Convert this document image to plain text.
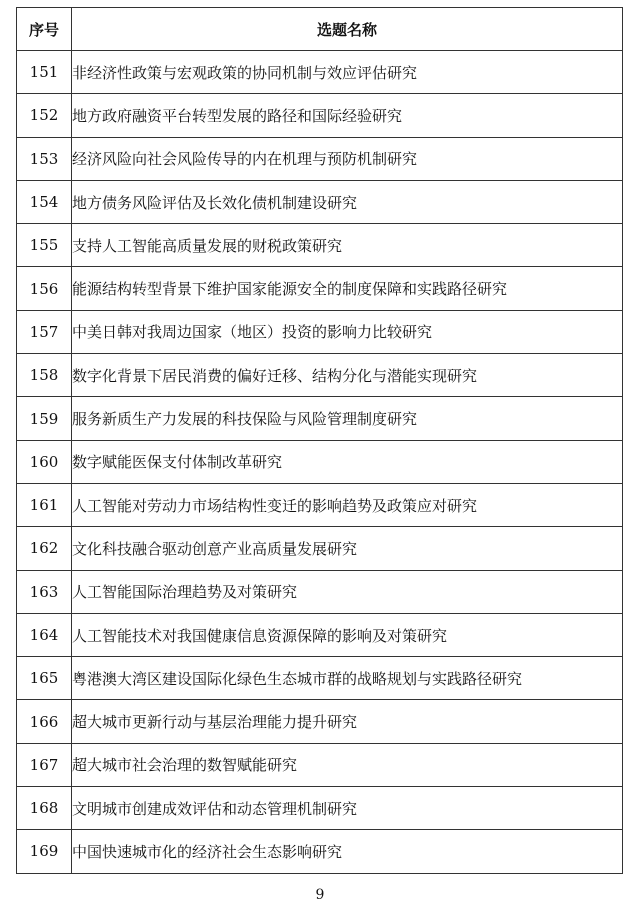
序号	选题名称
151	非经济性政策与宏观政策的协同机制与效应评估研究
152	地方政府融资平台转型发展的路径和国际经验研究
153	经济风险向社会风险传导的内在机理与预防机制研究
154	地方债务风险评估及长效化债机制建设研究
155	支持人工智能高质量发展的财税政策研究
156	能源结构转型背景下维护国家能源安全的制度保障和实践路径研究
157	中美日韩对我周边国家（地区）投资的影响力比较研究
158	数字化背景下居民消费的偏好迁移、结构分化与潜能实现研究
159	服务新质生产力发展的科技保险与风险管理制度研究
160	数字赋能医保支付体制改革研究
161	人工智能对劳动力市场结构性变迁的影响趋势及政策应对研究
162	文化科技融合驱动创意产业高质量发展研究
163	人工智能国际治理趋势及对策研究
164	人工智能技术对我国健康信息资源保障的影响及对策研究
165	粤港澳大湾区建设国际化绿色生态城市群的战略规划与实践路径研究
166	超大城市更新行动与基层治理能力提升研究
167	超大城市社会治理的数智赋能研究
168	文明城市创建成效评估和动态管理机制研究
169	中国快速城市化的经济社会生态影响研究
9
